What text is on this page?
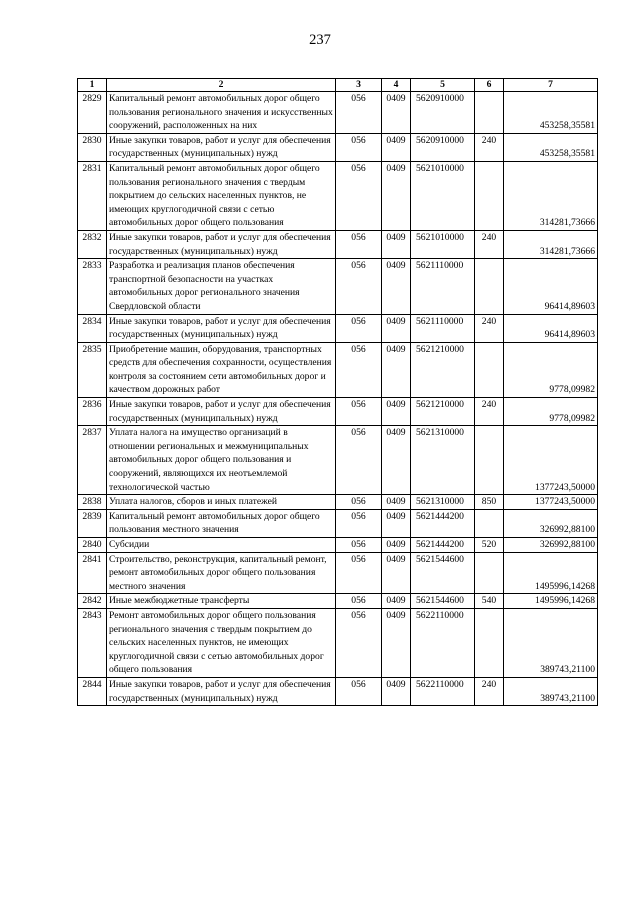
237
1	2	3	4	5	6	7
2829	Капитальный ремонт автомобильных дорог общего пользования регионального значения и искусственных сооружений, расположенных на них	056	0409	5620910000		453258,35581
2830	Иные закупки товаров, работ и услуг для обеспечения государственных (муниципальных) нужд	056	0409	5620910000	240	453258,35581
2831	Капитальный ремонт автомобильных дорог общего пользования регионального значения с твердым покрытием до сельских населенных пунктов, не имеющих круглогодичной связи с сетью автомобильных дорог общего пользования	056	0409	5621010000		314281,73666
2832	Иные закупки товаров, работ и услуг для обеспечения государственных (муниципальных) нужд	056	0409	5621010000	240	314281,73666
2833	Разработка и реализация планов обеспечения транспортной безопасности на участках автомобильных дорог регионального значения Свердловской области	056	0409	5621110000		96414,89603
2834	Иные закупки товаров, работ и услуг для обеспечения государственных (муниципальных) нужд	056	0409	5621110000	240	96414,89603
2835	Приобретение машин, оборудования, транспортных средств для обеспечения сохранности, осуществления контроля за состоянием сети автомобильных дорог и качеством дорожных работ	056	0409	5621210000		9778,09982
2836	Иные закупки товаров, работ и услуг для обеспечения государственных (муниципальных) нужд	056	0409	5621210000	240	9778,09982
2837	Уплата налога на имущество организаций в отношении региональных и межмуниципальных автомобильных дорог общего пользования и сооружений, являющихся их неотъемлемой технологической частью	056	0409	5621310000		1377243,50000
2838	Уплата налогов, сборов и иных платежей	056	0409	5621310000	850	1377243,50000
2839	Капитальный ремонт автомобильных дорог общего пользования местного значения	056	0409	5621444200		326992,88100
2840	Субсидии	056	0409	5621444200	520	326992,88100
2841	Строительство, реконструкция, капитальный ремонт, ремонт автомобильных дорог общего пользования местного значения	056	0409	5621544600		1495996,14268
2842	Иные межбюджетные трансферты	056	0409	5621544600	540	1495996,14268
2843	Ремонт автомобильных дорог общего пользования регионального значения с твердым покрытием до сельских населенных пунктов, не имеющих круглогодичной связи с сетью автомобильных дорог общего пользования	056	0409	5622110000		389743,21100
2844	Иные закупки товаров, работ и услуг для обеспечения государственных (муниципальных) нужд	056	0409	5622110000	240	389743,21100
